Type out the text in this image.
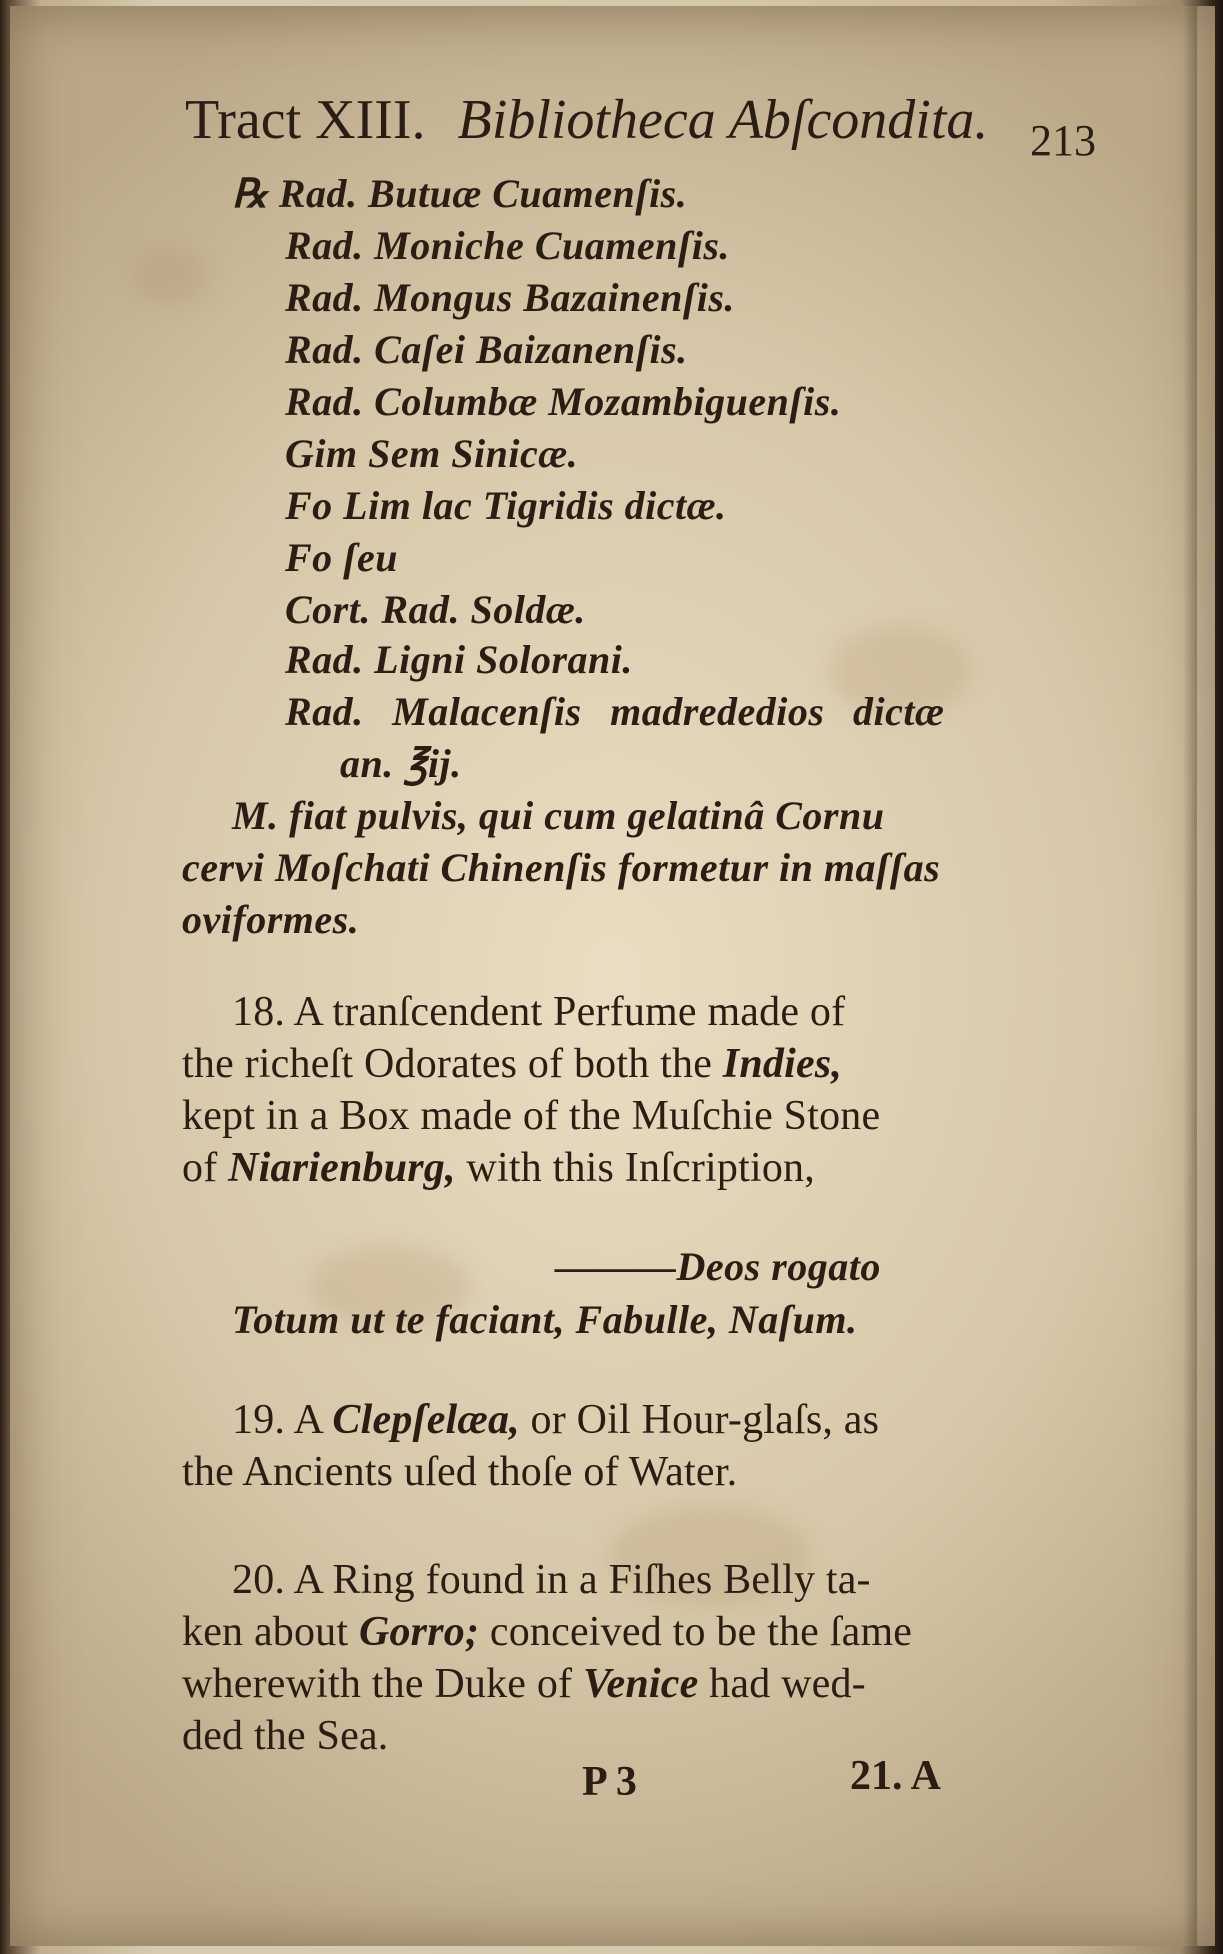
Tract XIII. Bibliotheca Abſcondita. 213
℞ Rad. Butuæ Cuamenſis.
Rad. Moniche Cuamenſis.
Rad. Mongus Bazainenſis.
Rad. Caſei Baizanenſis.
Rad. Columbæ Mozambiguenſis.
Gim Sem Sinicæ.
Fo Lim lac Tigridis dictæ.
Fo ſeu
Cort. Rad. Soldæ.
Rad. Ligni Solorani.
Rad. Malacenſis madrededios dictæ
an. ℥ij.
M. fiat pulvis, qui cum gelatinâ Cornu
cervi Moſchati Chinenſis formetur in maſſas
oviformes.
18. A tranſcendent Perfume made of
the richeſt Odorates of both the Indies,
kept in a Box made of the Muſchie Stone
of Niarienburg, with this Inſcription,
———Deos rogato
Totum ut te faciant, Fabulle, Naſum.
19. A Clepſelæa, or Oil Hour-glaſs, as
the Ancients uſed thoſe of Water.
20. A Ring found in a Fiſhes Belly ta-
ken about Gorro; conceived to be the ſame
wherewith the Duke of Venice had wed-
ded the Sea.
P 3	21. A
